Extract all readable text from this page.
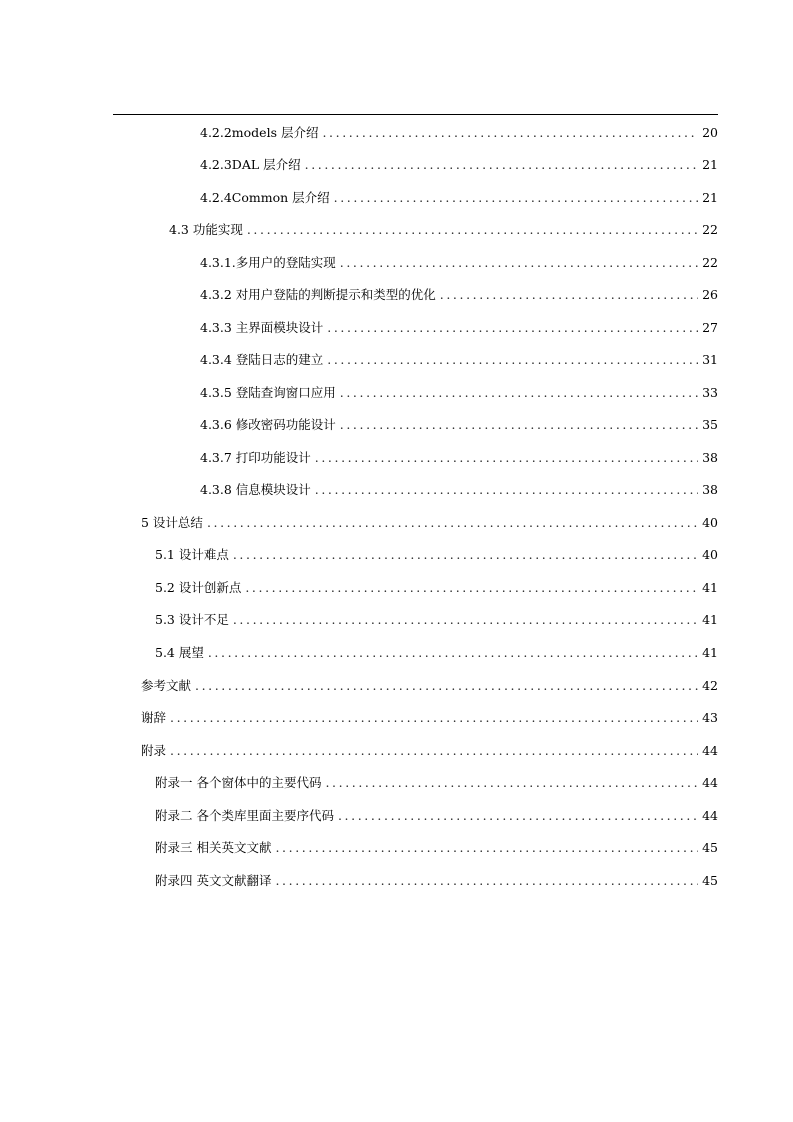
4.2.2models 层介绍 .....	20
4.2.3DAL 层介绍 .....	21
4.2.4Common 层介绍 .....	21
4.3 功能实现 .....	22
4.3.1.多用户的登陆实现 .....	22
4.3.2 对用户登陆的判断提示和类型的优化 .....	26
4.3.3 主界面模块设计 .....	27
4.3.4 登陆日志的建立 .....	31
4.3.5 登陆查询窗口应用 .....	33
4.3.6 修改密码功能设计 .....	35
4.3.7 打印功能设计 .....	38
4.3.8 信息模块设计 .....	38
5 设计总结 .....	40
5.1 设计难点 .....	40
5.2 设计创新点 .....	41
5.3 设计不足 .....	41
5.4 展望 .....	41
参考文献 .....	42
谢辞 .....	43
附录 .....	44
附录一 各个窗体中的主要代码 .....	44
附录二 各个类库里面主要序代码 .....	44
附录三 相关英文文献 .....	45
附录四 英文文献翻译 .....	45
